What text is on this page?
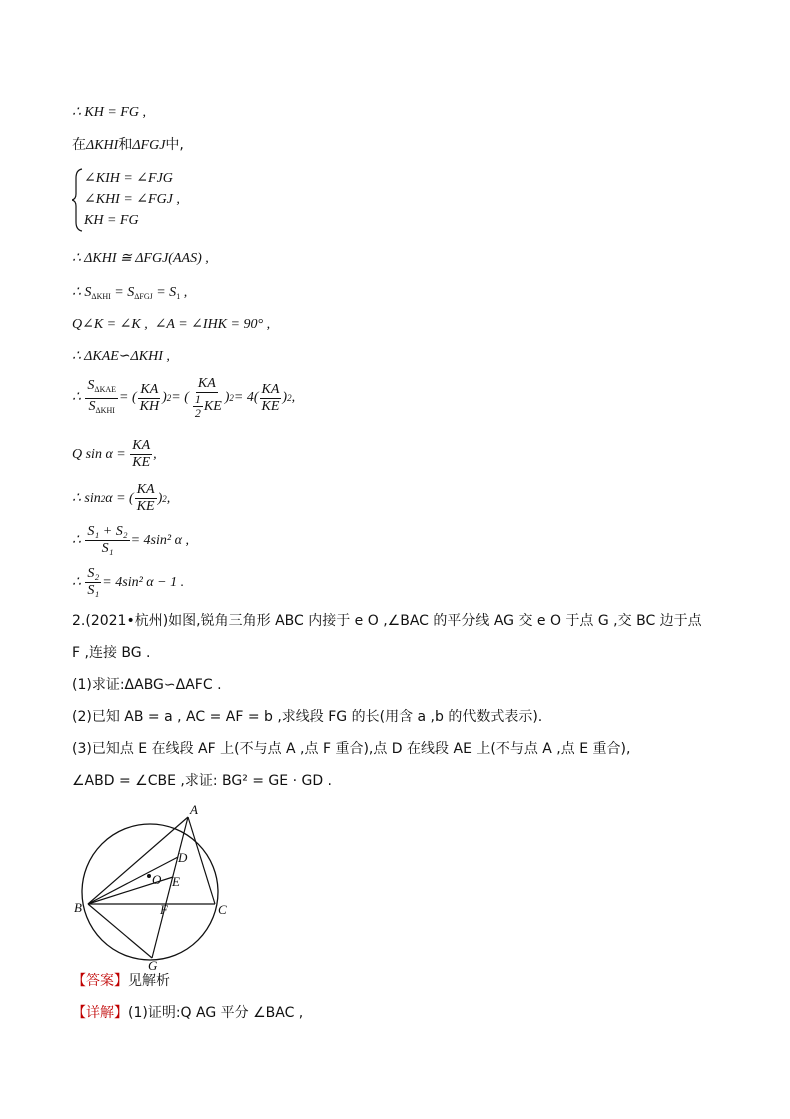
∴ KH = FG ,
在ΔKHI和ΔFGJ中,
∠KIH = ∠FJG
∠KHI = ∠FGJ ,
KH = FG
∴ ΔKHI ≅ ΔFGJ(AAS) ,
∴ $S_{\Delta KHI} = S_{\Delta FGJ} = S_1$ ,
Q∠K = ∠K , ∠A = ∠IHK = 90° ,
∴ ΔKAE∽ΔKHI ,
∴
$\frac{S_{\Delta KAE}}{S_{\Delta KHI}}$ = ( $\frac{KA}{KH}$ ) 2 = ( $\frac{KA}{\frac{1}{2} KE}$ ) $2 = 4( \frac{KA}{KE}$ ) 2 ,
Q sin α =
$\frac{KA}{KE}$ ,
∴ sin 2 α = ( $\frac{KA}{KE}$ ) 2 ,
∴
$\frac{\text{S₁ + S₂}}{\text{S₁}} = 4\sin^2$ α ,
∴
$\frac{\text{S₂}}{\text{S₁}} = 4\sin^2$ α − 1 .
2.(2021•杭州)如图,锐角三角形 ABC 内接于 e O ,∠BAC 的平分线 AG 交 e O 于点 G ,交 BC 边于点
F ,连接 BG .
(1)求证:ΔABG∽ΔAFC .
(2)已知 AB = a , AC = AF = b ,求线段 FG 的长(用含 a ,b 的代数式表示).
(3)已知点 E 在线段 AF 上(不与点 A ,点 F 重合),点 D 在线段 AE 上(不与点 A ,点 E 重合),
∠ABD = ∠CBE ,求证: BG² = GE · GD .
A
B	C
D
E
F
G
O
【答案】见解析
【详解】(1)证明:Q AG 平分 ∠BAC ,
